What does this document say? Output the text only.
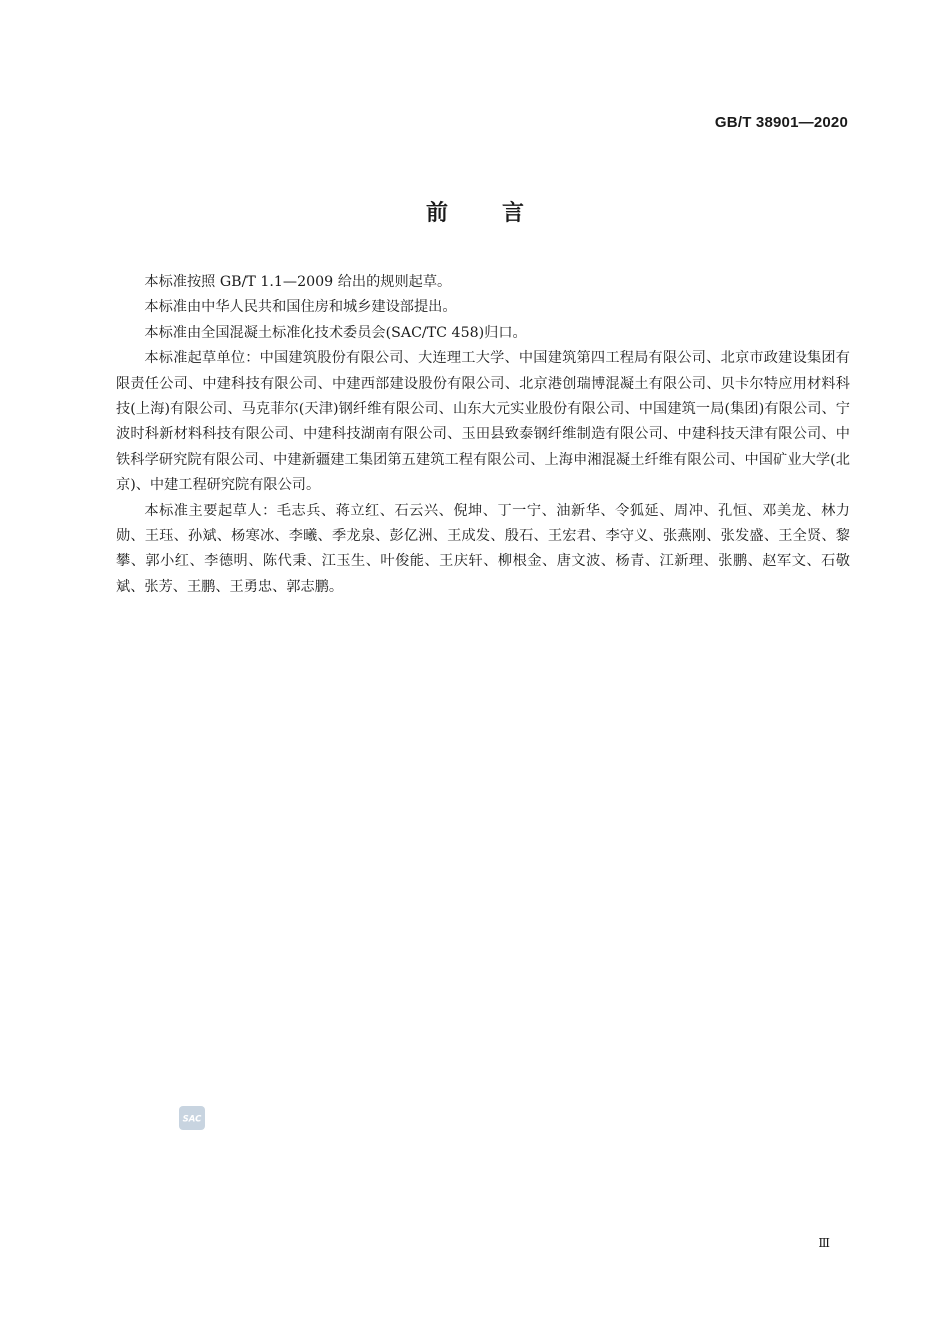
GB/T 38901—2020
前言

本标准按照 GB/T 1.1—2009 给出的规则起草。

本标准由中华人民共和国住房和城乡建设部提出。

本标准由全国混凝土标准化技术委员会(SAC/TC 458)归口。

本标准起草单位：中国建筑股份有限公司、大连理工大学、中国建筑第四工程局有限公司、北京市政建设集团有限责任公司、中建科技有限公司、中建西部建设股份有限公司、北京港创瑞博混凝土有限公司、贝卡尔特应用材料科技(上海)有限公司、马克菲尔(天津)钢纤维有限公司、山东大元实业股份有限公司、中国建筑一局(集团)有限公司、宁波时科新材料科技有限公司、中建科技湖南有限公司、玉田县致泰钢纤维制造有限公司、中建科技天津有限公司、中铁科学研究院有限公司、中建新疆建工集团第五建筑工程有限公司、上海申湘混凝土纤维有限公司、中国矿业大学(北京)、中建工程研究院有限公司。

本标准主要起草人：毛志兵、蒋立红、石云兴、倪坤、丁一宁、油新华、令狐延、周冲、孔恒、邓美龙、林力勋、王珏、孙斌、杨寒冰、李曦、季龙泉、彭亿洲、王成发、殷石、王宏君、李守义、张燕刚、张发盛、王全贤、黎攀、郭小红、李德明、陈代秉、江玉生、叶俊能、王庆轩、柳根金、唐文波、杨青、江新理、张鹏、赵军文、石敬斌、张芳、王鹏、王勇忠、郭志鹏。

SAC
Ⅲ
